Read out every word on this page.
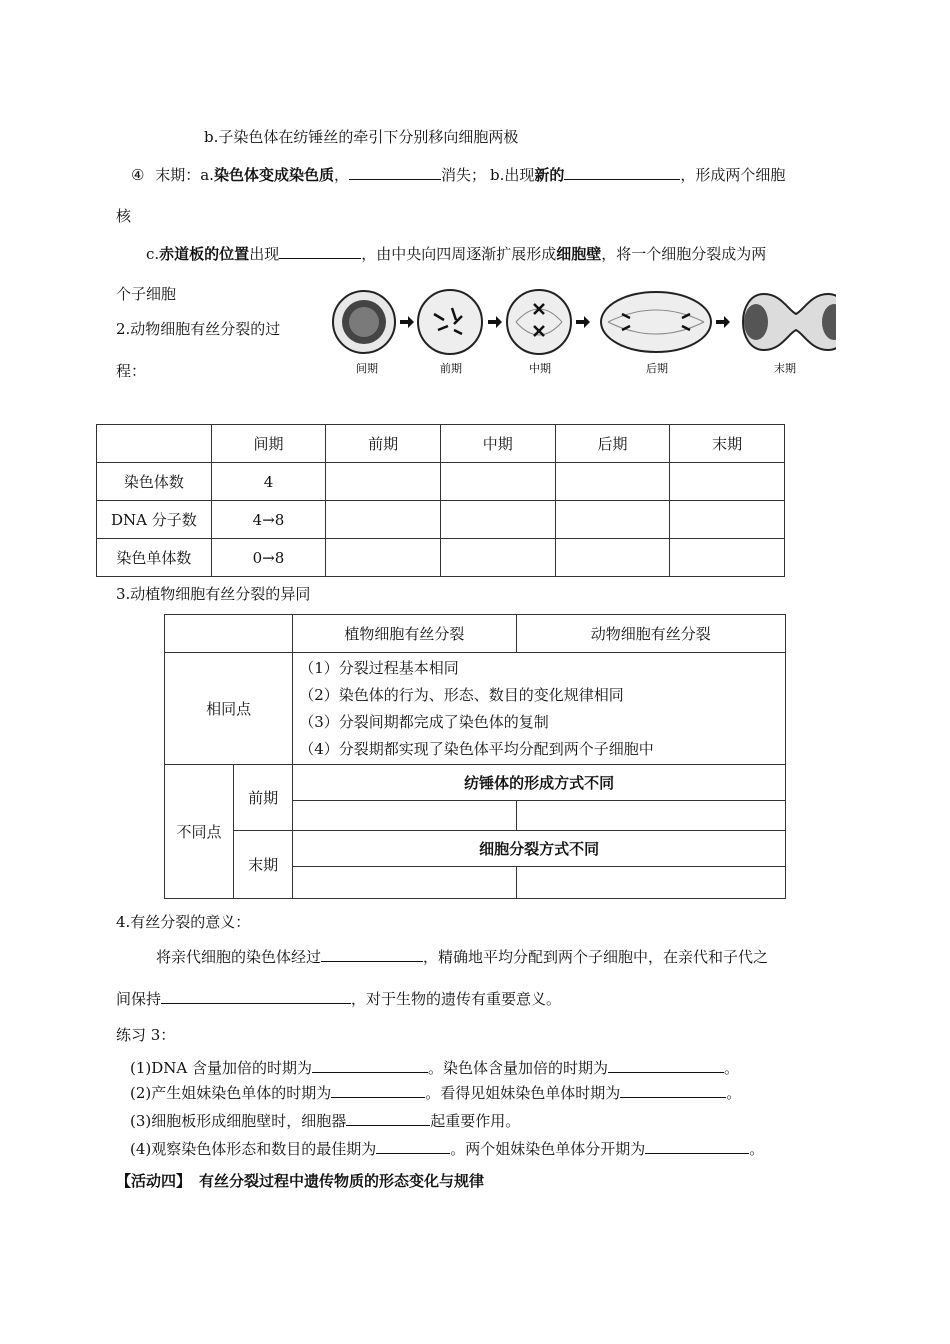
b.子染色体在纺锤丝的牵引下分别移向细胞两极
④ 末期：a.染色体变成染色质，	消失； b.出现新的	，形成两个细胞
核
c.赤道板的位置出现	，由中央向四周逐渐扩展形成细胞壁，将一个细胞分裂成为两
个子细胞
2.动物细胞有丝分裂的过
程：	间期	前期	中期	后期	末期
	间期	前期	中期	后期	末期
染色体数	4				
DNA 分子数	4→8				
染色单体数	0→8				
3.动植物细胞有丝分裂的异同
		植物细胞有丝分裂	动物细胞有丝分裂
相同点		（1）分裂过程基本相同
（2）染色体的行为、形态、数目的变化规律相同
（3）分裂间期都完成了染色体的复制
（4）分裂期都实现了染色体平均分配到两个子细胞中	

不同点	前期	纺锤体的形成方式不同	

	末期	细胞分裂方式不同	

4.有丝分裂的意义：
将亲代细胞的染色体经过	，精确地平均分配到两个子细胞中，在亲代和子代之
间保持	，对于生物的遗传有重要意义。
练习 3：
(1)DNA 含量加倍的时期为	。染色体含量加倍的时期为	。
(2)产生姐妹染色单体的时期为	。看得见姐妹染色单体时期为	。
(3)细胞板形成细胞壁时，细胞器	起重要作用。
(4)观察染色体形态和数目的最佳期为	。两个姐妹染色单体分开期为	。
【活动四】 有丝分裂过程中遗传物质的形态变化与规律
